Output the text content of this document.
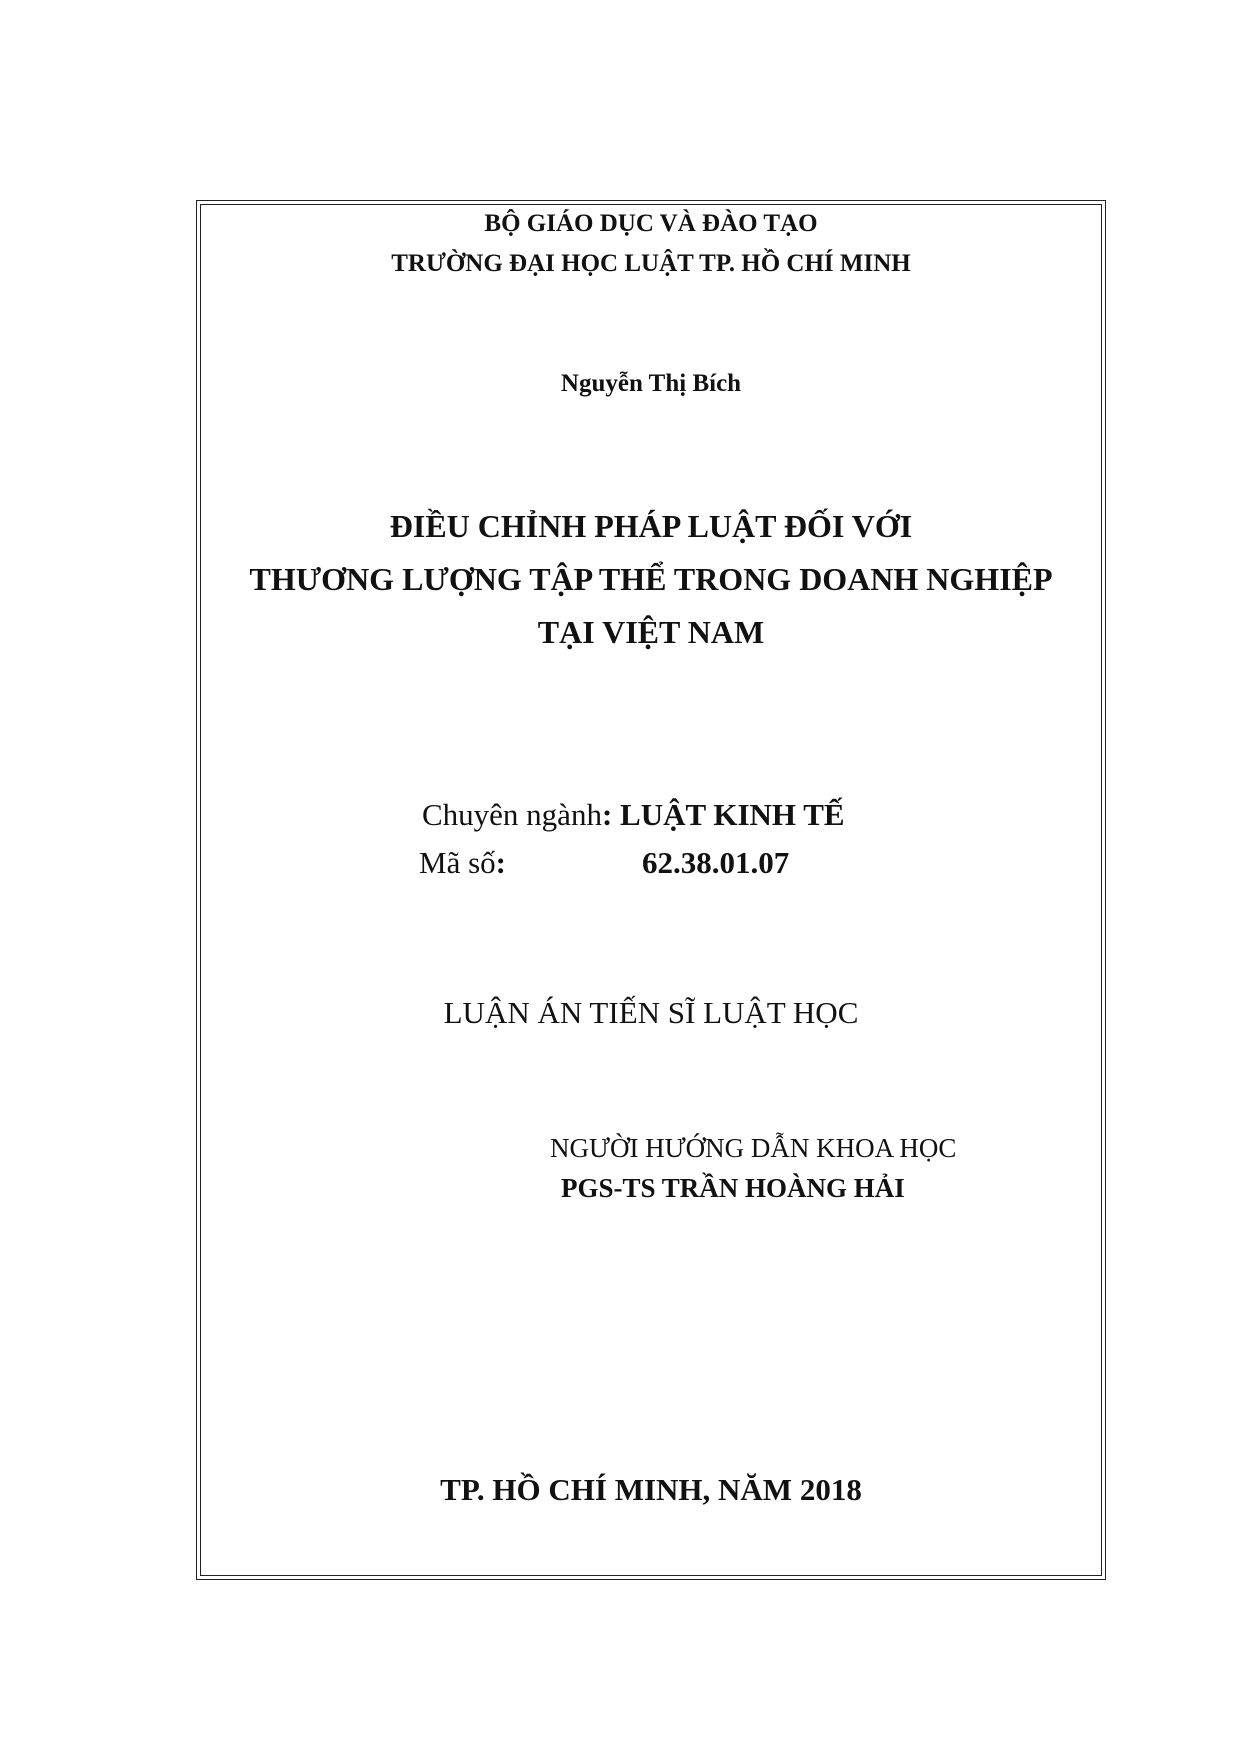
BỘ GIÁO DỤC VÀ ĐÀO TẠO
TRƯỜNG ĐẠI HỌC LUẬT TP. HỒ CHÍ MINH
Nguyễn Thị Bích
ĐIỀU CHỈNH PHÁP LUẬT ĐỐI VỚI
THƯƠNG LƯỢNG TẬP THỂ TRONG DOANH NGHIỆP
TẠI VIỆT NAM
Chuyên ngành: LUẬT KINH TẾ
Mã số:	62.38.01.07
LUẬN ÁN TIẾN SĨ LUẬT HỌC
NGƯỜI HƯỚNG DẪN KHOA HỌC
PGS-TS TRẦN HOÀNG HẢI
TP. HỒ CHÍ MINH, NĂM 2018
